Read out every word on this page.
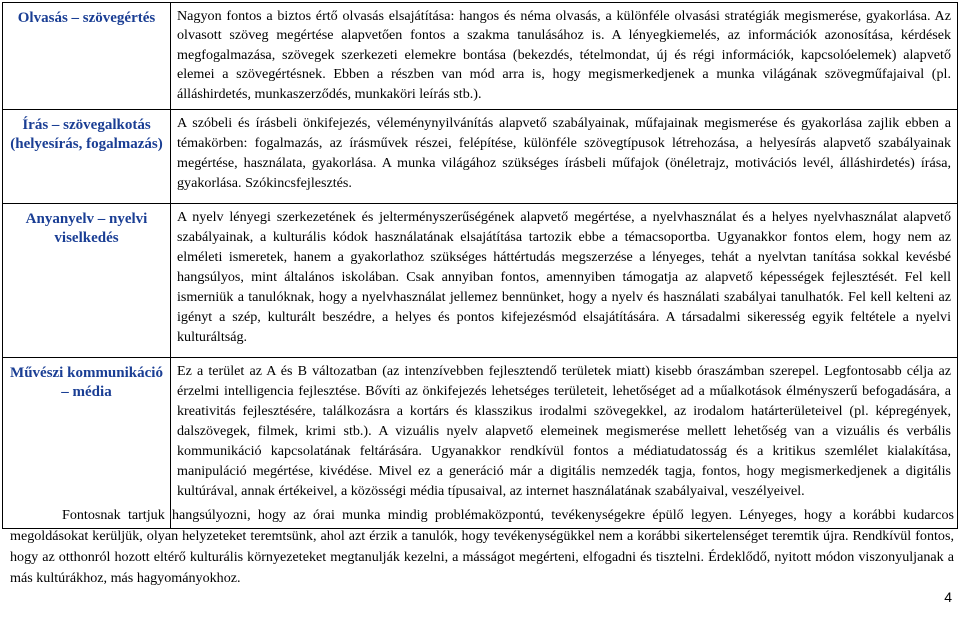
Olvasás – szövegértés	Nagyon fontos a biztos értő olvasás elsajátítása: hangos és néma olvasás, a különféle olvasási stratégiák megismerése, gyakorlása. Az olvasott szöveg megértése alapvetően fontos a szakma tanulásához is. A lényegkiemelés, az információk azonosítása, kérdések megfogalmazása, szövegek szerkezeti elemekre bontása (bekezdés, tételmondat, új és régi információk, kapcsolóelemek) alapvető elemei a szövegértésnek. Ebben a részben van mód arra is, hogy megismerkedjenek a munka világának szövegműfajaival (pl. álláshirdetés, munkaszerződés, munkaköri leírás stb.).
Írás – szövegalkotás (helyesírás, fogalmazás)	A szóbeli és írásbeli önkifejezés, véleménynyilvánítás alapvető szabályainak, műfajainak megismerése és gyakorlása zajlik ebben a témakörben: fogalmazás, az írásművek részei, felépítése, különféle szövegtípusok létrehozása, a helyesírás alapvető szabályainak megértése, használata, gyakorlása. A munka világához szükséges írásbeli műfajok (önéletrajz, motivációs levél, álláshirdetés) írása, gyakorlása. Szókincsfejlesztés.
Anyanyelv – nyelvi viselkedés	A nyelv lényegi szerkezetének és jelterményszerűségének alapvető megértése, a nyelvhasználat és a helyes nyelvhasználat alapvető szabályainak, a kulturális kódok használatának elsajátítása tartozik ebbe a témacsoportba. Ugyanakkor fontos elem, hogy nem az elméleti ismeretek, hanem a gyakorlathoz szükséges háttértudás megszerzése a lényeges, tehát a nyelvtan tanítása sokkal kevésbé hangsúlyos, mint általános iskolában. Csak annyiban fontos, amennyiben támogatja az alapvető képességek fejlesztését. Fel kell ismerniük a tanulóknak, hogy a nyelvhasználat jellemez bennünket, hogy a nyelv és használati szabályai tanulhatók. Fel kell kelteni az igényt a szép, kulturált beszédre, a helyes és pontos kifejezésmód elsajátítására. A társadalmi sikeresség egyik feltétele a nyelvi kulturáltság.
Művészi kommunikáció – média	Ez a terület az A és B változatban (az intenzívebben fejlesztendő területek miatt) kisebb óraszámban szerepel. Legfontosabb célja az érzelmi intelligencia fejlesztése. Bővíti az önkifejezés lehetséges területeit, lehetőséget ad a műalkotások élményszerű befogadására, a kreativitás fejlesztésére, találkozásra a kortárs és klasszikus irodalmi szövegekkel, az irodalom határterületeivel (pl. képregények, dalszövegek, filmek, krimi stb.). A vizuális nyelv alapvető elemeinek megismerése mellett lehetőség van a vizuális és verbális kommunikáció kapcsolatának feltárására. Ugyanakkor rendkívül fontos a médiatudatosság és a kritikus szemlélet kialakítása, manipuláció megértése, kivédése. Mivel ez a generáció már a digitális nemzedék tagja, fontos, hogy megismerkedjenek a digitális kultúrával, annak értékeivel, a közösségi média típusaival, az internet használatának szabályaival, veszélyeivel.

Fontosnak tartjuk hangsúlyozni, hogy az órai munka mindig problémaközpontú, tevékenységekre épülő legyen. Lényeges, hogy a korábbi kudarcos megoldásokat kerüljük, olyan helyzeteket teremtsünk, ahol azt érzik a tanulók, hogy tevékenységükkel nem a korábbi sikertelenséget teremtik újra. Rendkívül fontos, hogy az otthonról hozott eltérő kulturális környezeteket megtanulják kezelni, a másságot megérteni, elfogadni és tisztelni. Érdeklődő, nyitott módon viszonyuljanak a más kultúrákhoz, más hagyományokhoz.

4
